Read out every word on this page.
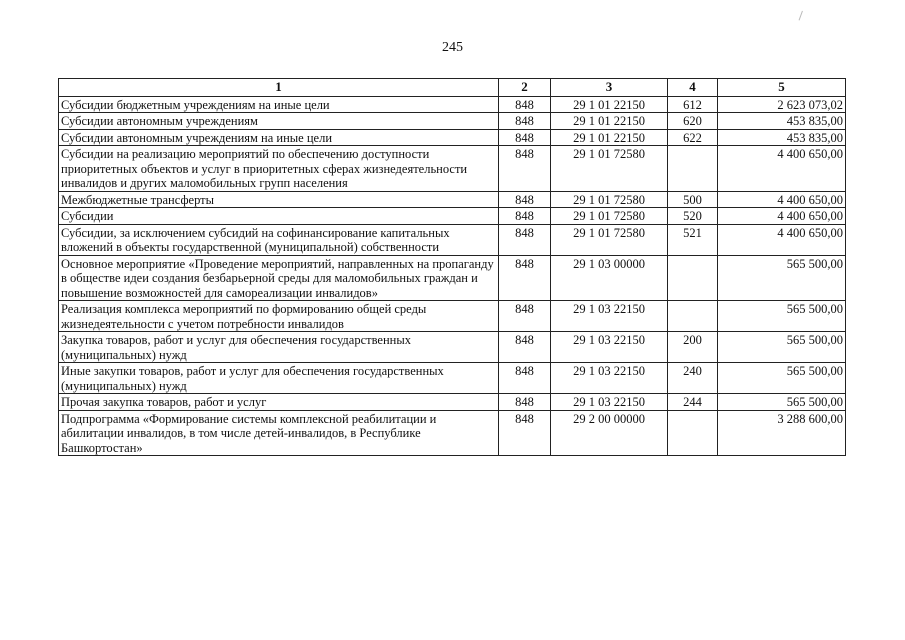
245
1	2	3	4	5
Субсидии бюджетным учреждениям на иные цели	848	29 1 01 22150	612	2 623 073,02
Субсидии автономным учреждениям	848	29 1 01 22150	620	453 835,00
Субсидии автономным учреждениям на иные цели	848	29 1 01 22150	622	453 835,00
Субсидии на реализацию мероприятий по обеспечению доступности приоритетных объектов и услуг в приоритетных сферах жизнедеятельности инвалидов и других маломобильных групп населения	848	29 1 01 72580		4 400 650,00
Межбюджетные трансферты	848	29 1 01 72580	500	4 400 650,00
Субсидии	848	29 1 01 72580	520	4 400 650,00
Субсидии, за исключением субсидий на софинансирование капитальных вложений в объекты государственной (муниципальной) собственности	848	29 1 01 72580	521	4 400 650,00
Основное мероприятие «Проведение мероприятий, направленных на пропаганду в обществе идеи создания безбарьерной среды для маломобильных граждан и повышение возможностей для самореализации инвалидов»	848	29 1 03 00000		565 500,00
Реализация комплекса мероприятий по формированию общей среды жизнедеятельности с учетом потребности инвалидов	848	29 1 03 22150		565 500,00
Закупка товаров, работ и услуг для обеспечения государственных (муниципальных) нужд	848	29 1 03 22150	200	565 500,00
Иные закупки товаров, работ и услуг для обеспечения государственных (муниципальных) нужд	848	29 1 03 22150	240	565 500,00
Прочая закупка товаров, работ и услуг	848	29 1 03 22150	244	565 500,00
Подпрограмма «Формирование системы комплексной реабилитации и абилитации инвалидов, в том числе детей-инвалидов, в Республике Башкортостан»	848	29 2 00 00000		3 288 600,00
